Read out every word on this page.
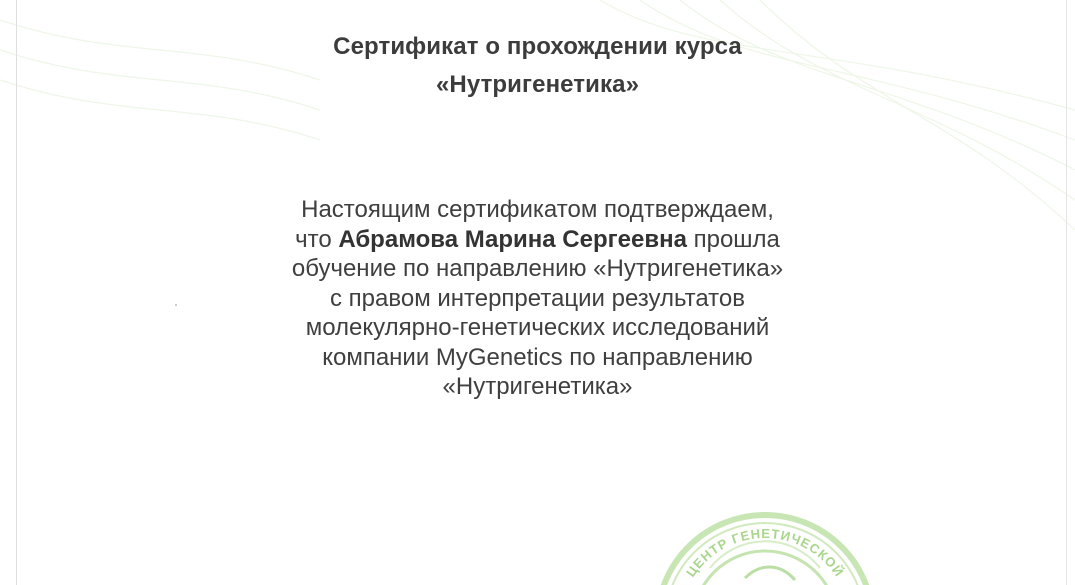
Сертификат о прохождении курса
«Нутригенетика»
Настоящим сертификатом подтверждаем,
что Абрамова Марина Сергеевна прошла
обучение по направлению «Нутригенетика»
с правом интерпретации результатов
молекулярно-генетических исследований
компании MyGenetics по направлению
«Нутригенетика»
ЦЕНТР ГЕНЕТИЧЕСКОЙ
